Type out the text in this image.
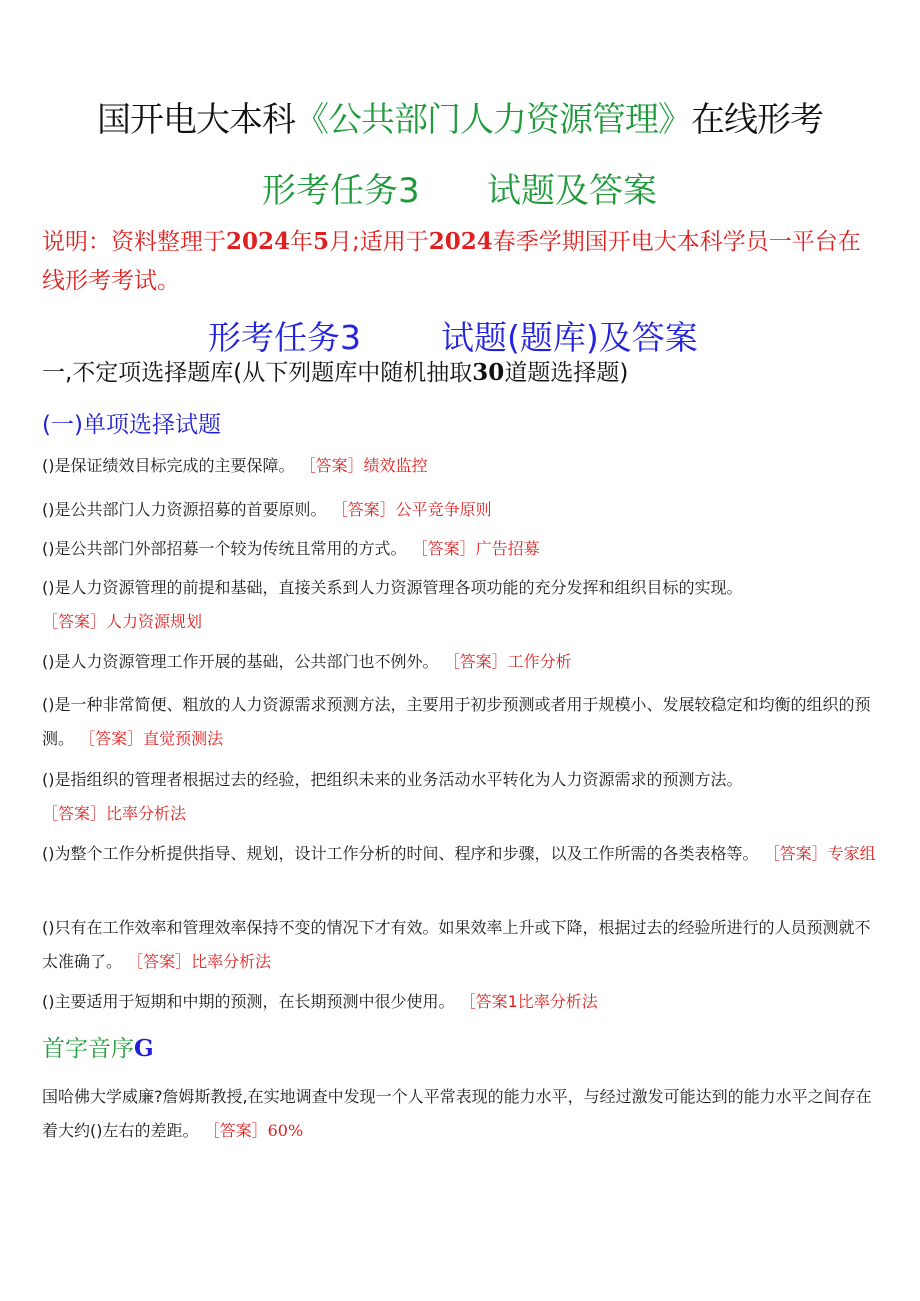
国开电大本科《公共部门人力资源管理》在线形考
形考任务3 试题及答案
说明：资料整理于2024年5月;适用于2024春季学期国开电大本科学员一平台在线形考考试。
形考任务3 试题(题库)及答案
一,不定项选择题库(从下列题库中随机抽取30道题选择题)
(一)单项选择试题
()是保证绩效目标完成的主要保障。 ［答案］绩效监控
()是公共部门人力资源招募的首要原则。 ［答案］公平竞争原则
()是公共部门外部招募一个较为传统且常用的方式。 ［答案］广告招募
()是人力资源管理的前提和基础，直接关系到人力资源管理各项功能的充分发挥和组织目标的实现。
［答案］人力资源规划
()是人力资源管理工作开展的基础，公共部门也不例外。 ［答案］工作分析
()是一种非常简便、粗放的人力资源需求预测方法，主要用于初步预测或者用于规模小、发展较稳定和均衡的组织的预测。 ［答案］直觉预测法
()是指组织的管理者根据过去的经验，把组织未来的业务活动水平转化为人力资源需求的预测方法。
［答案］比率分析法
()为整个工作分析提供指导、规划，设计工作分析的时间、程序和步骤，以及工作所需的各类表格等。 ［答案］专家组
()只有在工作效率和管理效率保持不变的情况下才有效。如果效率上升或下降，根据过去的经验所进行的人员预测就不太准确了。 ［答案］比率分析法
()主要适用于短期和中期的预测，在长期预测中很少使用。 ［答案1比率分析法
首字音序G
国哈佛大学威廉?詹姆斯教授,在实地调查中发现一个人平常表现的能力水平，与经过激发可能达到的能力水平之间存在着大约()左右的差距。 ［答案］60%
